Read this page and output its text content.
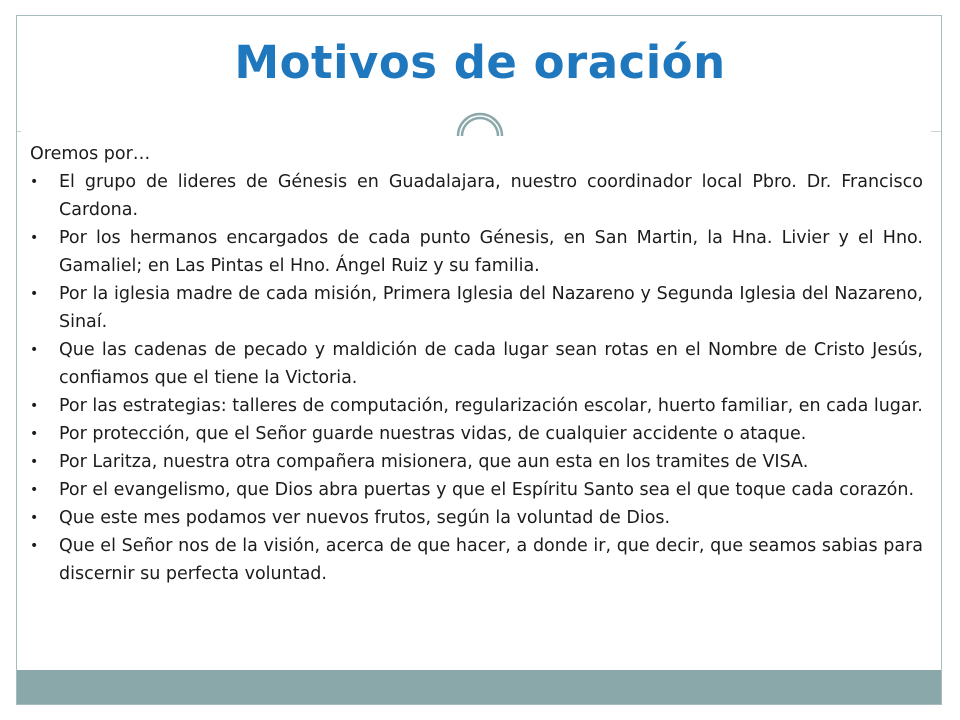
Motivos de oración

Oremos por…

• El grupo de lideres de Génesis en Guadalajara, nuestro coordinador local Pbro. Dr. Francisco Cardona.
• Por los hermanos encargados de cada punto Génesis, en San Martin, la Hna. Livier y el Hno. Gamaliel; en Las Pintas el Hno. Ángel Ruiz y su familia.
• Por la iglesia madre de cada misión, Primera Iglesia del Nazareno y Segunda Iglesia del Nazareno, Sinaí.
• Que las cadenas de pecado y maldición de cada lugar sean rotas en el Nombre de Cristo Jesús, confiamos que el tiene la Victoria.
• Por las estrategias: talleres de computación, regularización escolar, huerto familiar, en cada lugar.
• Por protección, que el Señor guarde nuestras vidas, de cualquier accidente o ataque.
• Por Laritza, nuestra otra compañera misionera, que aun esta en los tramites de VISA.
• Por el evangelismo, que Dios abra puertas y que el Espíritu Santo sea el que toque cada corazón.
• Que este mes podamos ver nuevos frutos, según la voluntad de Dios.
• Que el Señor nos de la visión, acerca de que hacer, a donde ir, que decir, que seamos sabias para discernir su perfecta voluntad.
